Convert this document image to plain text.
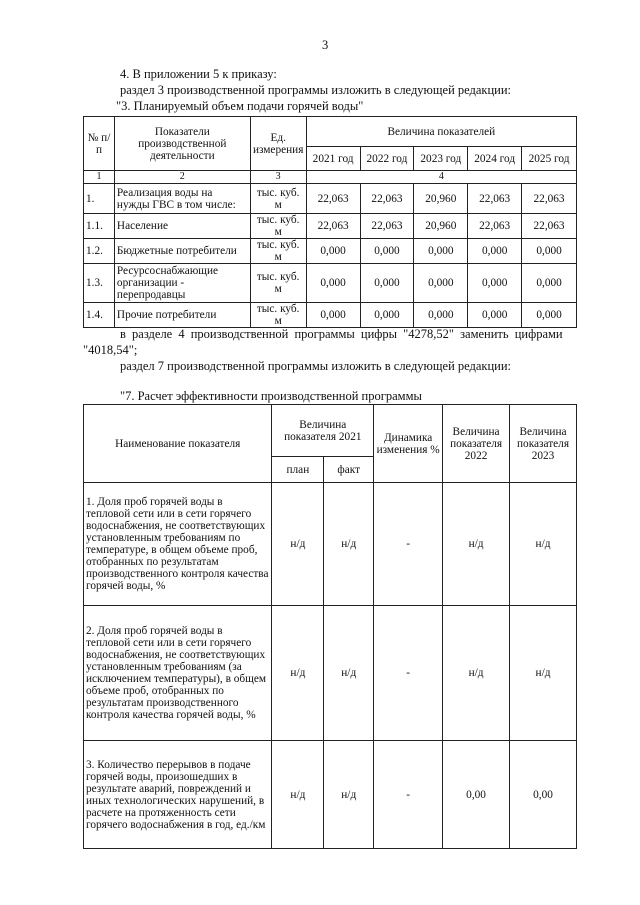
3
4. В приложении 5 к приказу:
раздел 3 производственной программы изложить в следующей редакции:
"3. Планируемый объем подачи горячей воды"
№ п/п	Показатели производственной деятельности	Ед. измерения	Величина показателей				
			2021 год	2022 год	2023 год	2024 год	2025 год
1	2	3	4				
1.	Реализация воды на нужды ГВС в том числе:	тыс. куб. м	22,063	22,063	20,960	22,063	22,063
1.1.	Население	тыс. куб. м	22,063	22,063	20,960	22,063	22,063
1.2.	Бюджетные потребители	тыс. куб. м	0,000	0,000	0,000	0,000	0,000
1.3.	Ресурсоснабжающие организации - перепродавцы	тыс. куб. м	0,000	0,000	0,000	0,000	0,000
1.4.	Прочие потребители	тыс. куб. м	0,000	0,000	0,000	0,000	0,000
в разделе 4 производственной программы цифры "4278,52" заменить цифрами
"4018,54";
раздел 7 производственной программы изложить в следующей редакции:
"7. Расчет эффективности производственной программы
Наименование показателя	Величина показателя 2021		Динамика изменения %	Величина показателя 2022	Величина показателя 2023
	план	факт			
1. Доля проб горячей воды в тепловой сети или в сети горячего водоснабжения, не соответствующих установленным требованиям по температуре, в общем объеме проб, отобранных по результатам производственного контроля качества горячей воды, %	н/д	н/д	-	н/д	н/д
2. Доля проб горячей воды в тепловой сети или в сети горячего водоснабжения, не соответствующих установленным требованиям (за исключением температуры), в общем объеме проб, отобранных по результатам производственного контроля качества горячей воды, %	н/д	н/д	-	н/д	н/д
3. Количество перерывов в подаче горячей воды, произошедших в результате аварий, повреждений и иных технологических нарушений, в расчете на протяженность сети горячего водоснабжения в год, ед./км	н/д	н/д	-	0,00	0,00
